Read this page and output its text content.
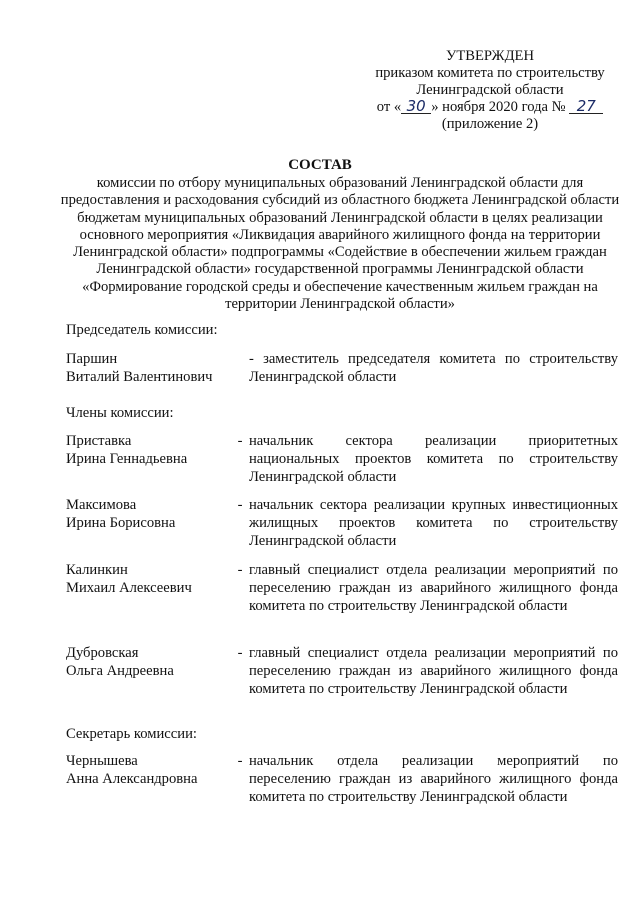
УТВЕРЖДЕН
приказом комитета по строительству
Ленинградской области
от « 30 » ноября 2020 года № 27
(приложение 2)
СОСТАВ
комиссии по отбору муниципальных образований Ленинградской области для предоставления и расходования субсидий из областного бюджета Ленинградской области бюджетам муниципальных образований Ленинградской области в целях реализации основного мероприятия «Ликвидация аварийного жилищного фонда на территории Ленинградской области» подпрограммы «Содействие в обеспечении жильем граждан Ленинградской области» государственной программы Ленинградской области «Формирование городской среды и обеспечение качественным жильем граждан на территории Ленинградской области»
Председатель комиссии:
Паршин
Виталий Валентинович
- заместитель председателя комитета по строительству Ленинградской области
Члены комиссии:
Приставка
Ирина Геннадьевна
- начальник сектора реализации приоритетных национальных проектов комитета по строительству Ленинградской области
Максимова
Ирина Борисовна
- начальник сектора реализации крупных инвестиционных жилищных проектов комитета по строительству Ленинградской области
Калинкин
Михаил Алексеевич
- главный специалист отдела реализации мероприятий по переселению граждан из аварийного жилищного фонда комитета по строительству Ленинградской области
Дубровская
Ольга Андреевна
- главный специалист отдела реализации мероприятий по переселению граждан из аварийного жилищного фонда комитета по строительству Ленинградской области
Секретарь комиссии:
Чернышева
Анна Александровна
- начальник отдела реализации мероприятий по переселению граждан из аварийного жилищного фонда комитета по строительству Ленинградской области
